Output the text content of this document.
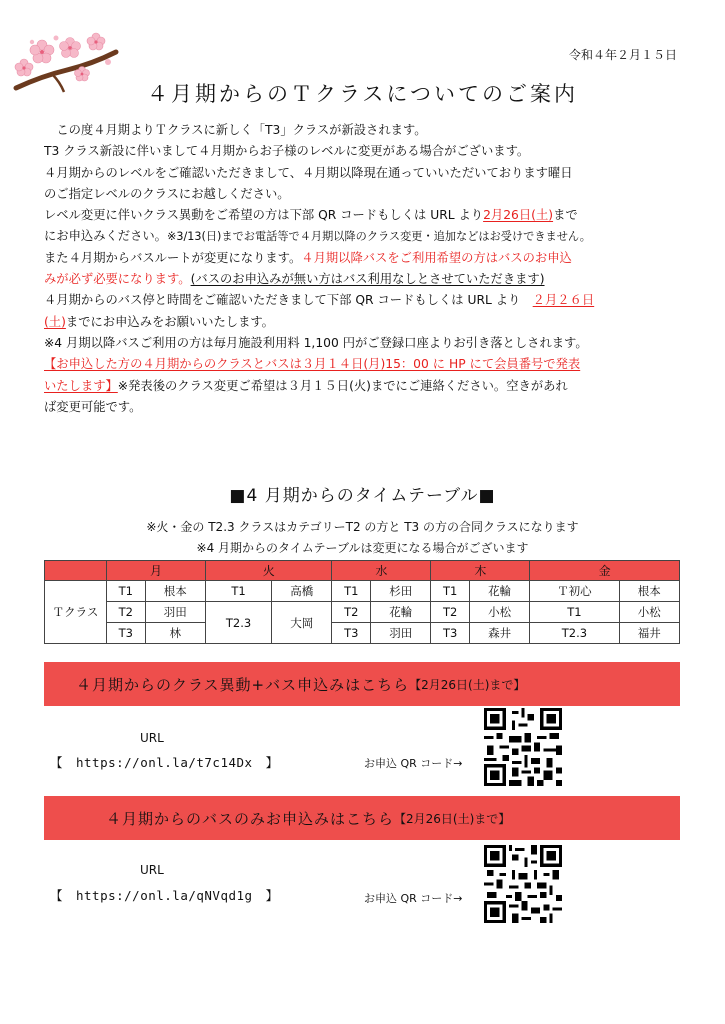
令和４年２月１５日
４月期からのＴクラスについてのご案内

　この度４月期よりＴクラスに新しく「T3」クラスが新設されます。

T3 クラス新設に伴いまして４月期からお子様のレベルに変更がある場合がございます。

４月期からのレベルをご確認いただきまして、４月期以降現在通っていいただいております曜日

のご指定レベルのクラスにお越しください。

レベル変更に伴いクラス異動をご希望の方は下部 QR コードもしくは URL より2月26日(土)まで

にお申込みください。※3/13(日)までお電話等で４月期以降のクラス変更・追加などはお受けできません。

また４月期からバスルートが変更になります。４月期以降バスをご利用希望の方はバスのお申込

みが必ず必要になります。(バスのお申込みが無い方はバス利用なしとさせていただきます)

４月期からのバス停と時間をご確認いただきまして下部 QR コードもしくは URL より　 ２月２６日

(土)までにお申込みをお願いいたします。

※4 月期以降バスご利用の方は毎月施設利用料 1,100 円がご登録口座よりお引き落としされます。

【お申込した方の４月期からのクラスとバスは３月１４日(月)15：00 に HP にて会員番号で発表

いたします】※発表後のクラス変更ご希望は３月１５日(火)までにご連絡ください。空きがあれ

ば変更可能です。

■4 月期からのタイムテーブル■
※火・金の T2.3 クラスはカテゴリーT2 の方と T3 の方の合同クラスになります
※4 月期からのタイムテーブルは変更になる場合がございます
	月		火		水		木		金	
Ｔクラス	T1	根本	T1	高橋	T1	杉田	T1	花輪	Ｔ初心	根本
	T2	羽田	T2.3	大岡	T2	花輪	T2	小松	T1	小松
	T3	林			T3	羽田	T3	森井	T2.3	福井
４月期からのクラス異動+バス申込みはこちら 【2月26日(土)まで】
URL
【　https://onl.la/t7c14Dx　】	お申込 QR コード→
４月期からのバスのみお申込みはこちら 【2月26日(土)まで】
URL
【　https://onl.la/qNVqd1g　】	お申込 QR コード→
